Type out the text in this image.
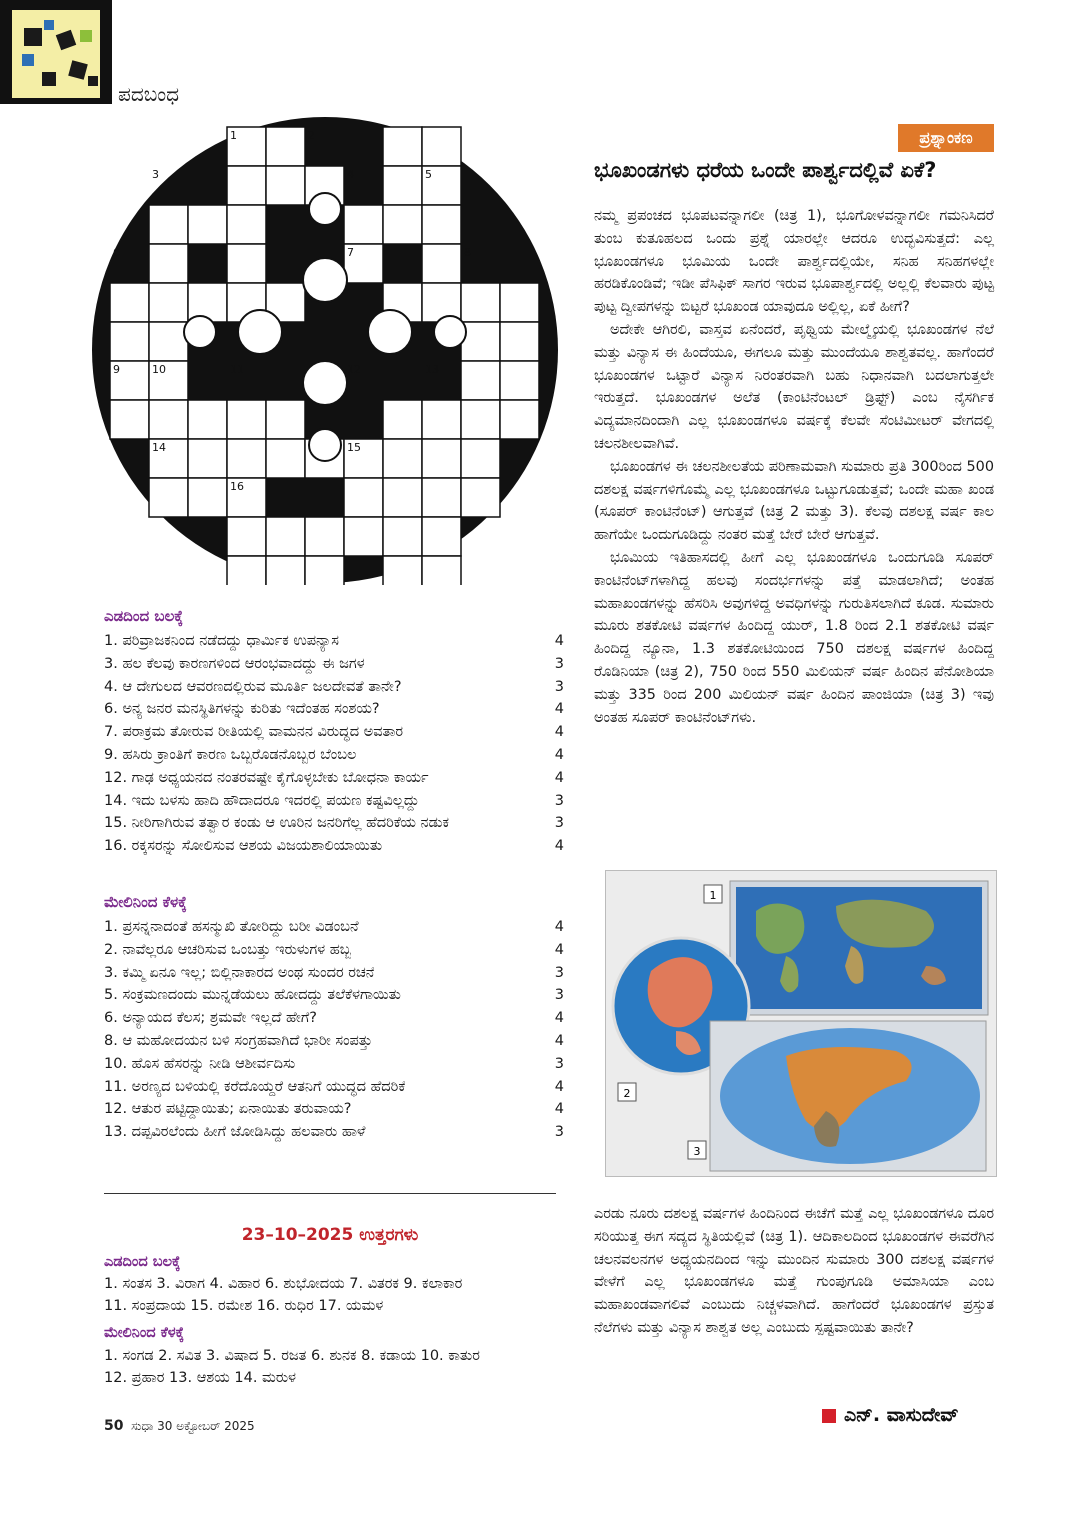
ಪದಬಂಧ
1	2
3	4	5
6	7	8
9	10	11	12	13
14	15
16
ಎಡದಿಂದ ಬಲಕ್ಕೆ
1. ಪರಿವ್ರಾಜಕನಿಂದ ನಡೆದದ್ದು ಧಾರ್ಮಿಕ ಉಪನ್ಯಾಸ	4
3. ಹಲ ಕೆಲವು ಕಾರಣಗಳಿಂದ ಆರಂಭವಾದದ್ದು ಈ ಜಗಳ	3
4. ಆ ದೇಗುಲದ ಆವರಣದಲ್ಲಿರುವ ಮೂರ್ತಿ ಜಲದೇವತೆ ತಾನೇ?	3
6. ಅನ್ಯ ಜನರ ಮನಸ್ಥಿತಿಗಳನ್ನು ಕುರಿತು ಇದೆಂತಹ ಸಂಶಯ?	4
7. ಪರಾಕ್ರಮ ತೋರುವ ರೀತಿಯಲ್ಲಿ ವಾಮನನ ವಿರುದ್ಧದ ಅವತಾರ	4
9. ಹಸಿರು ಕ್ರಾಂತಿಗೆ ಕಾರಣ ಒಬ್ಬರೊಡನೊಬ್ಬರ ಬೆಂಬಲ	4
12. ಗಾಢ ಅಧ್ಯಯನದ ನಂತರವಷ್ಟೇ ಕೈಗೊಳ್ಳಬೇಕು ಬೋಧನಾ ಕಾರ್ಯ	4
14. ಇದು ಬಳಸು ಹಾದಿ ಹೌದಾದರೂ ಇದರಲ್ಲಿ ಪಯಣ ಕಷ್ಟವಿಲ್ಲದ್ದು	3
15. ನೀರಿಗಾಗಿರುವ ತತ್ವಾರ ಕಂಡು ಆ ಊರಿನ ಜನರಿಗೆಲ್ಲ ಹೆದರಿಕೆಯ ನಡುಕ	3
16. ರಕ್ಕಸರನ್ನು ಸೋಲಿಸುವ ಆಶಯ ವಿಜಯಶಾಲಿಯಾಯಿತು	4
ಮೇಲಿನಿಂದ ಕೆಳಕ್ಕೆ
1. ಪ್ರಸನ್ನನಾದಂತೆ ಹಸನ್ಮುಖಿ ತೋರಿದ್ದು ಬರೀ ವಿಡಂಬನೆ	4
2. ನಾವೆಲ್ಲರೂ ಆಚರಿಸುವ ಒಂಬತ್ತು ಇರುಳುಗಳ ಹಬ್ಬ	4
3. ಕಮ್ಮಿ ಏನೂ ಇಲ್ಲ; ಬಿಲ್ಲಿನಾಕಾರದ ಅಂಥ ಸುಂದರ ರಚನೆ	3
5. ಸಂಕ್ರಮಣದಂದು ಮುನ್ನಡೆಯಲು ಹೋದದ್ದು ತಲೆಕೆಳಗಾಯಿತು	3
6. ಅನ್ಯಾಯದ ಕೆಲಸ; ಶ್ರಮವೇ ಇಲ್ಲದೆ ಹೇಗೆ?	4
8. ಆ ಮಹೋದಯನ ಬಳಿ ಸಂಗ್ರಹವಾಗಿದೆ ಭಾರೀ ಸಂಪತ್ತು	4
10. ಹೊಸ ಹೆಸರನ್ನು ನೀಡಿ ಆಶೀರ್ವದಿಸು	3
11. ಅರಣ್ಯದ ಬಳಿಯಲ್ಲಿ ಕರೆದೊಯ್ದರೆ ಆತನಿಗೆ ಯುದ್ಧದ ಹೆದರಿಕೆ	4
12. ಆತುರ ಪಟ್ಟಿದ್ದಾಯಿತು; ಏನಾಯಿತು ತರುವಾಯ?	4
13. ದಪ್ಪವಿರಲೆಂದು ಹೀಗೆ ಜೋಡಿಸಿದ್ದು ಹಲವಾರು ಹಾಳೆ	3
23–10–2025 ಉತ್ತರಗಳು
ಎಡದಿಂದ ಬಲಕ್ಕೆ
1. ಸಂತಸ 3. ವಿರಾಗ 4. ವಿಹಾರ 6. ಶುಭೋದಯ 7. ವಿತರಕ 9. ಕಲಾಕಾರ
11. ಸಂಪ್ರದಾಯ 15. ರಮೇಶ 16. ರುಧಿರ 17. ಯಮಳ
ಮೇಲಿನಿಂದ ಕೆಳಕ್ಕೆ
1. ಸಂಗಡ 2. ಸವಿತ 3. ವಿಷಾದ 5. ರಜತ 6. ಶುನಕ 8. ಕಡಾಯ 10. ಕಾತುರ
12. ಪ್ರಹಾರ 13. ಆಶಯ 14. ಮರುಳ
50 ಸುಧಾ 30 ಅಕ್ಟೋಬರ್ 2025
ಪ್ರಶ್ನಾಂಕಣ
ಭೂಖಂಡಗಳು ಧರೆಯ ಒಂದೇ ಪಾರ್ಶ್ವದಲ್ಲಿವೆ ಏಕೆ?

ನಮ್ಮ ಪ್ರಪಂಚದ ಭೂಪಟವನ್ನಾಗಲೀ (ಚಿತ್ರ 1), ಭೂಗೋಳವನ್ನಾಗಲೀ ಗಮನಿಸಿದರೆ ತುಂಬ ಕುತೂಹಲದ ಒಂದು ಪ್ರಶ್ನೆ ಯಾರಲ್ಲೇ ಆದರೂ ಉದ್ಭವಿಸುತ್ತದೆ: ಎಲ್ಲ ಭೂಖಂಡಗಳೂ ಭೂಮಿಯ ಒಂದೇ ಪಾರ್ಶ್ವದಲ್ಲಿಯೇ, ಸನಿಹ ಸನಿಹಗಳಲ್ಲೇ ಹರಡಿಕೊಂಡಿವೆ; ಇಡೀ ಪೆಸಿಫಿಕ್ ಸಾಗರ ಇರುವ ಭೂಪಾರ್ಶ್ವದಲ್ಲಿ ಅಲ್ಲಲ್ಲಿ ಕೆಲವಾರು ಪುಟ್ಟ ಪುಟ್ಟ ದ್ವೀಪಗಳನ್ನು ಬಿಟ್ಟರೆ ಭೂಖಂಡ ಯಾವುದೂ ಅಲ್ಲಿಲ್ಲ, ಏಕೆ ಹೀಗೆ?

ಅದೇಕೇ ಆಗಿರಲಿ, ವಾಸ್ತವ ಏನೆಂದರೆ, ಪೃಥ್ವಿಯ ಮೇಲ್ಮೈಯಲ್ಲಿ ಭೂಖಂಡಗಳ ನೆಲೆ ಮತ್ತು ವಿನ್ಯಾಸ ಈ ಹಿಂದೆಯೂ, ಈಗಲೂ ಮತ್ತು ಮುಂದೆಯೂ ಶಾಶ್ವತವಲ್ಲ. ಹಾಗೆಂದರೆ ಭೂಖಂಡಗಳ ಒಟ್ಟಾರೆ ವಿನ್ಯಾಸ ನಿರಂತರವಾಗಿ ಬಹು ನಿಧಾನವಾಗಿ ಬದಲಾಗುತ್ತಲೇ ಇರುತ್ತದೆ. ಭೂಖಂಡಗಳ ಅಲೆತ (ಕಾಂಟಿನೆಂಟಲ್ ಡ್ರಿಫ್ಟ್) ಎಂಬ ನೈಸರ್ಗಿಕ ವಿದ್ಯಮಾನದಿಂದಾಗಿ ಎಲ್ಲ ಭೂಖಂಡಗಳೂ ವರ್ಷಕ್ಕೆ ಕೆಲವೇ ಸೆಂಟಿಮೀಟರ್ ವೇಗದಲ್ಲಿ ಚಲನಶೀಲವಾಗಿವೆ.

ಭೂಖಂಡಗಳ ಈ ಚಲನಶೀಲತೆಯ ಪರಿಣಾಮವಾಗಿ ಸುಮಾರು ಪ್ರತಿ 300ರಿಂದ 500 ದಶಲಕ್ಷ ವರ್ಷಗಳಿಗೊಮ್ಮೆ ಎಲ್ಲ ಭೂಖಂಡಗಳೂ ಒಟ್ಟುಗೂಡುತ್ತವೆ; ಒಂದೇ ಮಹಾ ಖಂಡ (ಸೂಪರ್ ಕಾಂಟಿನೆಂಟ್) ಆಗುತ್ತವೆ (ಚಿತ್ರ 2 ಮತ್ತು 3). ಕೆಲವು ದಶಲಕ್ಷ ವರ್ಷ ಕಾಲ ಹಾಗೆಯೇ ಒಂದುಗೂಡಿದ್ದು ನಂತರ ಮತ್ತೆ ಬೇರೆ ಬೇರೆ ಆಗುತ್ತವೆ.

ಭೂಮಿಯ ಇತಿಹಾಸದಲ್ಲಿ ಹೀಗೆ ಎಲ್ಲ ಭೂಖಂಡಗಳೂ ಒಂದುಗೂಡಿ ಸೂಪರ್ ಕಾಂಟಿನೆಂಟ್‌ಗಳಾಗಿದ್ದ ಹಲವು ಸಂದರ್ಭಗಳನ್ನು ಪತ್ತೆ ಮಾಡಲಾಗಿದೆ; ಅಂತಹ ಮಹಾಖಂಡಗಳನ್ನು ಹೆಸರಿಸಿ ಅವುಗಳಿದ್ದ ಅವಧಿಗಳನ್ನು ಗುರುತಿಸಲಾಗಿದೆ ಕೂಡ. ಸುಮಾರು ಮೂರು ಶತಕೋಟಿ ವರ್ಷಗಳ ಹಿಂದಿದ್ದ ಯುರ್, 1.8 ರಿಂದ 2.1 ಶತಕೋಟಿ ವರ್ಷ ಹಿಂದಿದ್ದ ನ್ಯೂನಾ, 1.3 ಶತಕೋಟಿಯಿಂದ 750 ದಶಲಕ್ಷ ವರ್ಷಗಳ ಹಿಂದಿದ್ದ ರೊಡಿನಿಯಾ (ಚಿತ್ರ 2), 750 ರಿಂದ 550 ಮಿಲಿಯನ್ ವರ್ಷ ಹಿಂದಿನ ಪೆನೋಶಿಯಾ ಮತ್ತು 335 ರಿಂದ 200 ಮಿಲಿಯನ್ ವರ್ಷ ಹಿಂದಿನ ಪಾಂಜಿಯಾ (ಚಿತ್ರ 3) ಇವು ಅಂತಹ ಸೂಪರ್ ಕಾಂಟಿನೆಂಟ್‌ಗಳು.

1
2
3
ಎರಡು ನೂರು ದಶಲಕ್ಷ ವರ್ಷಗಳ ಹಿಂದಿನಿಂದ ಈಚೆಗೆ ಮತ್ತೆ ಎಲ್ಲ ಭೂಖಂಡಗಳೂ ದೂರ ಸರಿಯುತ್ತ ಈಗ ಸದ್ಯದ ಸ್ಥಿತಿಯಲ್ಲಿವೆ (ಚಿತ್ರ 1). ಆದಿಕಾಲದಿಂದ ಭೂಖಂಡಗಳ ಈವರೆಗಿನ ಚಲನವಲನಗಳ ಅಧ್ಯಯನದಿಂದ ಇನ್ನು ಮುಂದಿನ ಸುಮಾರು 300 ದಶಲಕ್ಷ ವರ್ಷಗಳ ವೇಳೆಗೆ ಎಲ್ಲ ಭೂಖಂಡಗಳೂ ಮತ್ತೆ ಗುಂಪುಗೂಡಿ ಅಮಾಸಿಯಾ ಎಂಬ ಮಹಾಖಂಡವಾಗಲಿವೆ ಎಂಬುದು ನಿಚ್ಚಳವಾಗಿದೆ. ಹಾಗೆಂದರೆ ಭೂಖಂಡಗಳ ಪ್ರಸ್ತುತ ನೆಲೆಗಳು ಮತ್ತು ವಿನ್ಯಾಸ ಶಾಶ್ವತ ಅಲ್ಲ ಎಂಬುದು ಸ್ಪಷ್ಟವಾಯಿತು ತಾನೇ?
ಎನ್. ವಾಸುದೇವ್
